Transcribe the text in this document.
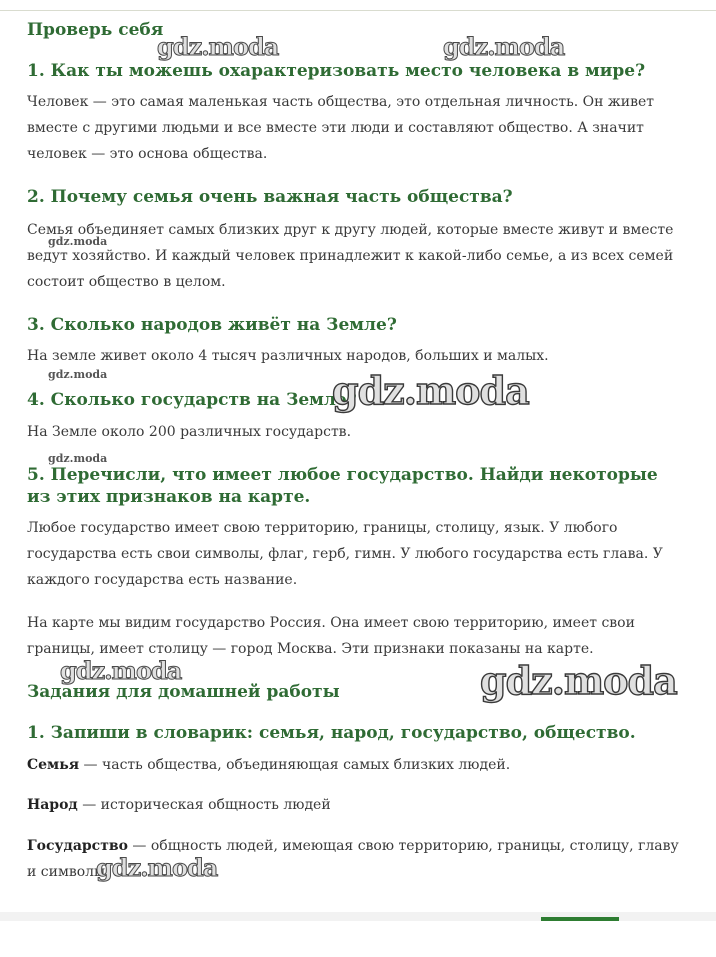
Проверь себя
1. Как ты можешь охарактеризовать место человека в мире?

Человек — это самая маленькая часть общества, это отдельная личность. Он живет вместе с другими людьми и все вместе эти люди и составляют общество. А значит человек — это основа общества.

2. Почему семья очень важная часть общества?

Семья объединяет самых близких друг к другу людей, которые вместе живут и вместе ведут хозяйство. И каждый человек принадлежит к какой-либо семье, а из всех семей состоит общество в целом.

3. Сколько народов живёт на Земле?

На земле живет около 4 тысяч различных народов, больших и малых.

4. Сколько государств на Земле?

На Земле около 200 различных государств.

5. Перечисли, что имеет любое государство. Найди некоторые из этих признаков на карте.

Любое государство имеет свою территорию, границы, столицу, язык. У любого государства есть свои символы, флаг, герб, гимн. У любого государства есть глава. У каждого государства есть название.

На карте мы видим государство Россия. Она имеет свою территорию, имеет свои границы, имеет столицу — город Москва. Эти признаки показаны на карте.

Задания для домашней работы
1. Запиши в словарик: семья, народ, государство, общество.

Семья — часть общества, объединяющая самых близких людей.

Народ — историческая общность людей

Государство — общность людей, имеющая свою территорию, границы, столицу, главу и символы.

gdz.moda	gdz.moda
gdz.moda
gdz.moda	gdz.moda
gdz.moda
gdz.moda	gdz.moda
gdz.moda
